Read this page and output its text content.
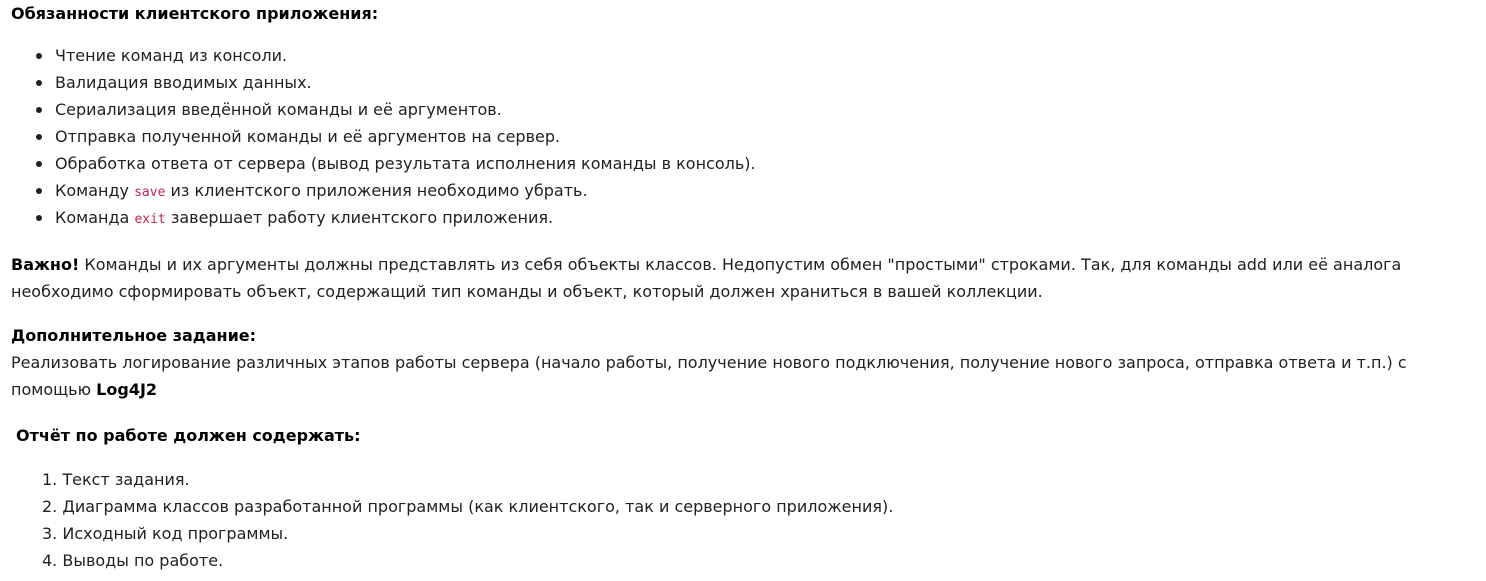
Обязанности клиентского приложения:

Чтение команд из консоли.
Валидация вводимых данных.
Сериализация введённой команды и её аргументов.
Отправка полученной команды и её аргументов на сервер.
Обработка ответа от сервера (вывод результата исполнения команды в консоль).
Команду save из клиентского приложения необходимо убрать.
Команда exit завершает работу клиентского приложения.

Важно! Команды и их аргументы должны представлять из себя объекты классов. Недопустим обмен "простыми" строками. Так, для команды add или её аналога необходимо сформировать объект, содержащий тип команды и объект, который должен храниться в вашей коллекции.

Дополнительное задание:

Реализовать логирование различных этапов работы сервера (начало работы, получение нового подключения, получение нового запроса, отправка ответа и т.п.) с помощью Log4J2

Отчёт по работе должен содержать:

1. Текст задания.
2. Диаграмма классов разработанной программы (как клиентского, так и серверного приложения).
3. Исходный код программы.
4. Выводы по работе.
